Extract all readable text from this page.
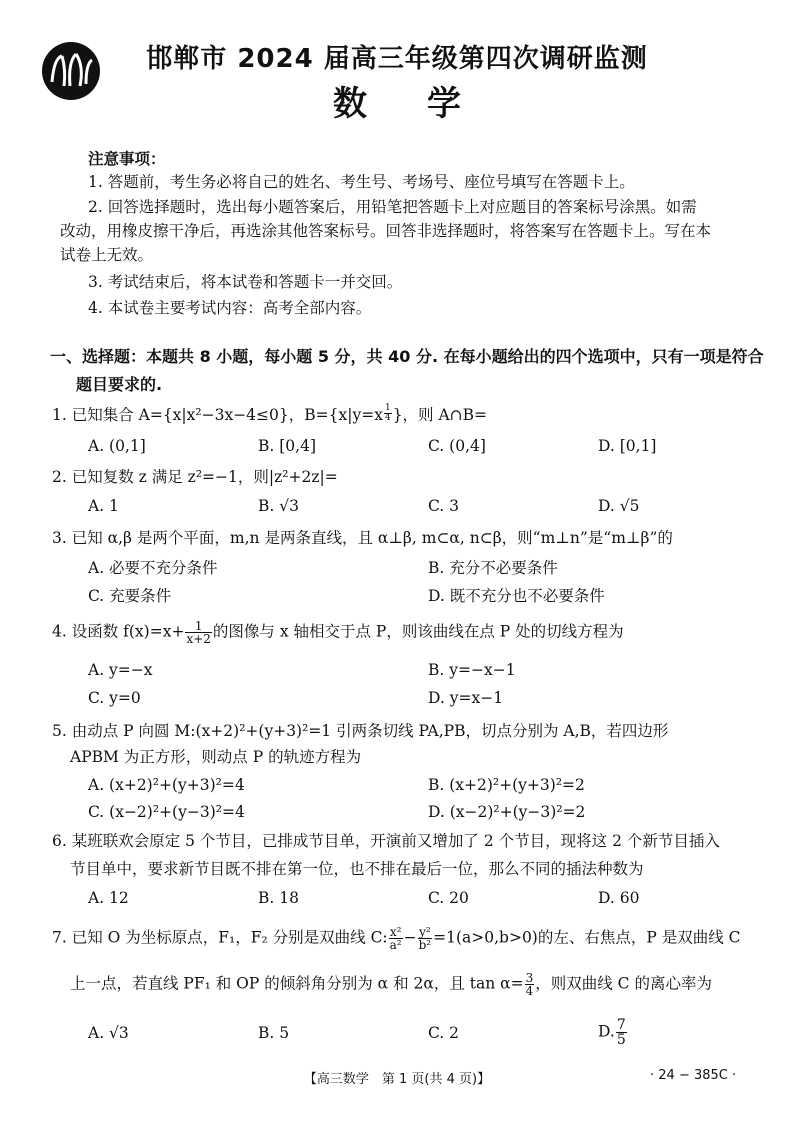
邯郸市 2024 届高三年级第四次调研监测
数学
注意事项：
1. 答题前，考生务必将自己的姓名、考生号、考场号、座位号填写在答题卡上。
2. 回答选择题时，选出每小题答案后，用铅笔把答题卡上对应题目的答案标号涂黑。如需
改动，用橡皮擦干净后，再选涂其他答案标号。回答非选择题时，将答案写在答题卡上。写在本
试卷上无效。
3. 考试结束后，将本试卷和答题卡一并交回。
4. 本试卷主要考试内容：高考全部内容。
一、选择题：本题共 8 小题，每小题 5 分，共 40 分. 在每小题给出的四个选项中，只有一项是符合
题目要求的.
1. 已知集合 A={x|x²−3x−4≤0}，$B=\{x|y=x \frac{1}{4}$ }，则 A∩B=
A. (0,1]	B. [0,4]	C. (0,4]	D. [0,1]
2. 已知复数 z 满足 z²=−1，则|z²+2z|=
A. 1	B. √3	C. 3	D. √5
3. 已知 α,β 是两个平面，m,n 是两条直线，且 α⊥β, m⊂α, n⊂β，则“m⊥n”是“m⊥β”的
A. 必要不充分条件	B. 充分不必要条件
C. 充要条件	D. 既不充分也不必要条件
4. 设函数 $f(x)=x+ \frac{1}{x+2}$ 的图像与 x 轴相交于点 P，则该曲线在点 P 处的切线方程为
A. y=−x	B. y=−x−1
C. y=0	D. y=x−1
5. 由动点 P 向圆 M:(x+2)²+(y+3)²=1 引两条切线 PA,PB，切点分别为 A,B，若四边形
APBM 为正方形，则动点 P 的轨迹方程为
A. (x+2)²+(y+3)²=4	B. (x+2)²+(y+3)²=2
C. (x−2)²+(y−3)²=4	D. (x−2)²+(y−3)²=2
6. 某班联欢会原定 5 个节目，已排成节目单，开演前又增加了 2 个节目，现将这 2 个新节目插入
节目单中，要求新节目既不排在第一位，也不排在最后一位，那么不同的插法种数为
A. 12	B. 18	C. 20	D. 60
7. 已知 O 为坐标原点，F₁，F₂ 分别是双曲线 C: $\frac{\text{x²}}{\text{a²}} - \frac{\text{y²}}{\text{b²}} =1(a>0,b>0)$的左、右焦点，P 是双曲线 C
上一点，若直线 PF₁ 和 OP 的倾斜角分别为 α 和 2α，且 $\tan \alpha= \frac{3}{4}$ ，则双曲线 C 的离心率为
A. √3	B. 5	C. 2	D. $\frac{7}{5}$
【高三数学　第 1 页(共 4 页)】	· 24 − 385C ·
